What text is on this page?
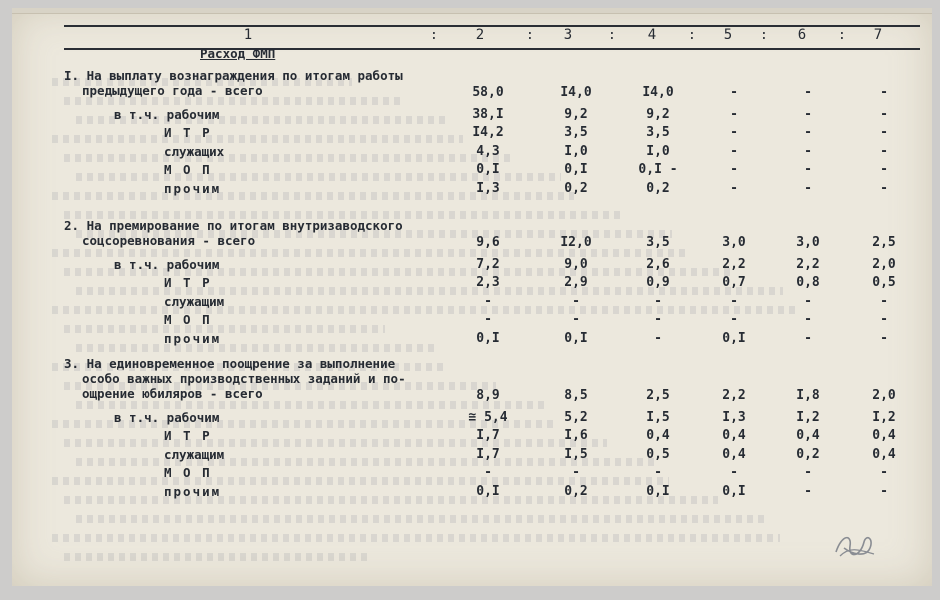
1	2	3	4	5	6	7
:	:	:	:	:	:
Расход ФМП
I. На выплату вознаграждения по итогам работы
предыдущего года - всего	58,0	I4,0	I4,0	-	-	-
в т.ч. рабочим	38,I	9,2	9,2	-	-	-
И Т Р	I4,2	3,5	3,5	-	-	-
служащих	4,3	I,0	I,0	-	-	-
М О П	0,I	0,I	0,I -	-	-	-
прочим	I,3	0,2	0,2	-	-	-
2. На премирование по итогам внутризаводского
соцсоревнования - всего	9,6	I2,0	3,5	3,0	3,0	2,5
в т.ч. рабочим	7,2	9,0	2,6	2,2	2,2	2,0
И Т Р	2,3	2,9	0,9	0,7	0,8	0,5
служащим	-	-	-	-	-	-
М О П	-	-	-	-	-	-
прочим	0,I	0,I	-	0,I	-	-
3. На единовременное поощрение за выполнение
особо важных производственных заданий и по-
ощрение юбиляров - всего	8,9	8,5	2,5	2,2	I,8	2,0
в т.ч. рабочим	≅ 5,4	5,2	I,5	I,3	I,2	I,2
И Т Р	I,7	I,6	0,4	0,4	0,4	0,4
служащим	I,7	I,5	0,5	0,4	0,2	0,4
М О П	-	-	-	-	-	-
прочим	0,I	0,2	0,I	0,I	-	-
